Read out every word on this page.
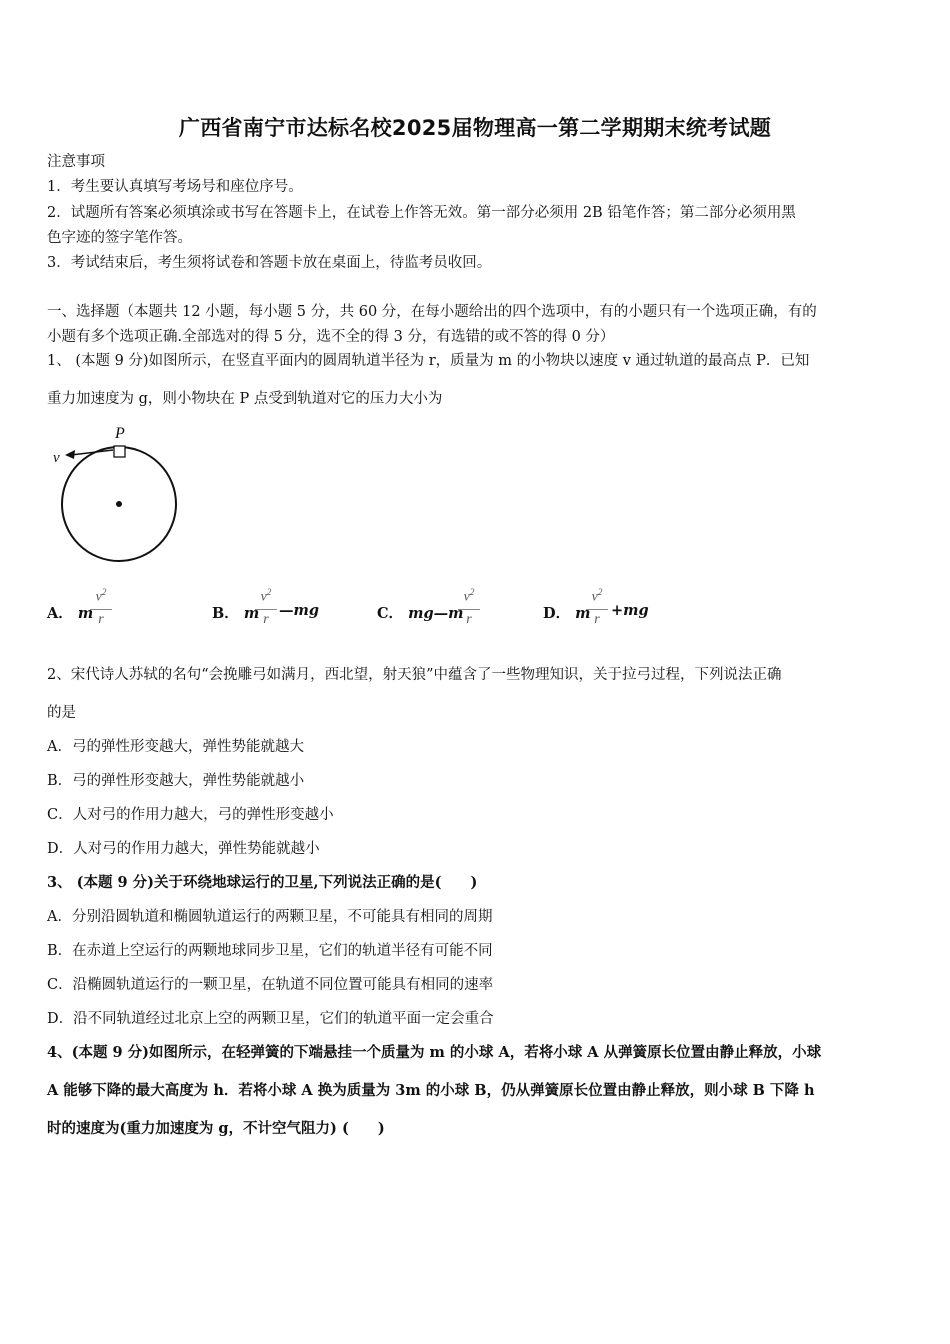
广西省南宁市达标名校2025届物理高一第二学期期末统考试题
注意事项
1．考生要认真填写考场号和座位序号。
2．试题所有答案必须填涂或书写在答题卡上，在试卷上作答无效。第一部分必须用 2B 铅笔作答；第二部分必须用黑
色字迹的签字笔作答。
3．考试结束后，考生须将试卷和答题卡放在桌面上，待监考员收回。
一、选择题（本题共 12 小题，每小题 5 分，共 60 分，在每小题给出的四个选项中，有的小题只有一个选项正确，有的
小题有多个选项正确.全部选对的得 5 分，选不全的得 3 分，有选错的或不答的得 0 分）
1、 (本题 9 分)如图所示，在竖直平面内的圆周轨道半径为 r，质量为 m 的小物块以速度 v 通过轨道的最高点 P．已知
重力加速度为 g，则小物块在 P 点受到轨道对它的压力大小为
P
v
A． m
$v^2$
r	B． m
$v^2$
r
—mg	C． mg—m
$v^2$
r	D． m
$v^2$
r
+mg
2、宋代诗人苏轼的名句“会挽雕弓如满月，西北望，射天狼”中蕴含了一些物理知识，关于拉弓过程，下列说法正确
的是
A．弓的弹性形变越大，弹性势能就越大
B．弓的弹性形变越大，弹性势能就越小
C．人对弓的作用力越大，弓的弹性形变越小
D．人对弓的作用力越大，弹性势能就越小
3、 (本题 9 分)关于环绕地球运行的卫星,下列说法正确的是(　　)
A．分别沿圆轨道和椭圆轨道运行的两颗卫星，不可能具有相同的周期
B．在赤道上空运行的两颗地球同步卫星，它们的轨道半径有可能不同
C．沿椭圆轨道运行的一颗卫星，在轨道不同位置可能具有相同的速率
D．沿不同轨道经过北京上空的两颗卫星，它们的轨道平面一定会重合
4、(本题 9 分)如图所示，在轻弹簧的下端悬挂一个质量为 m 的小球 A，若将小球 A 从弹簧原长位置由静止释放，小球
A 能够下降的最大高度为 h．若将小球 A 换为质量为 3m 的小球 B，仍从弹簧原长位置由静止释放，则小球 B 下降 h
时的速度为(重力加速度为 g，不计空气阻力) (　　)
